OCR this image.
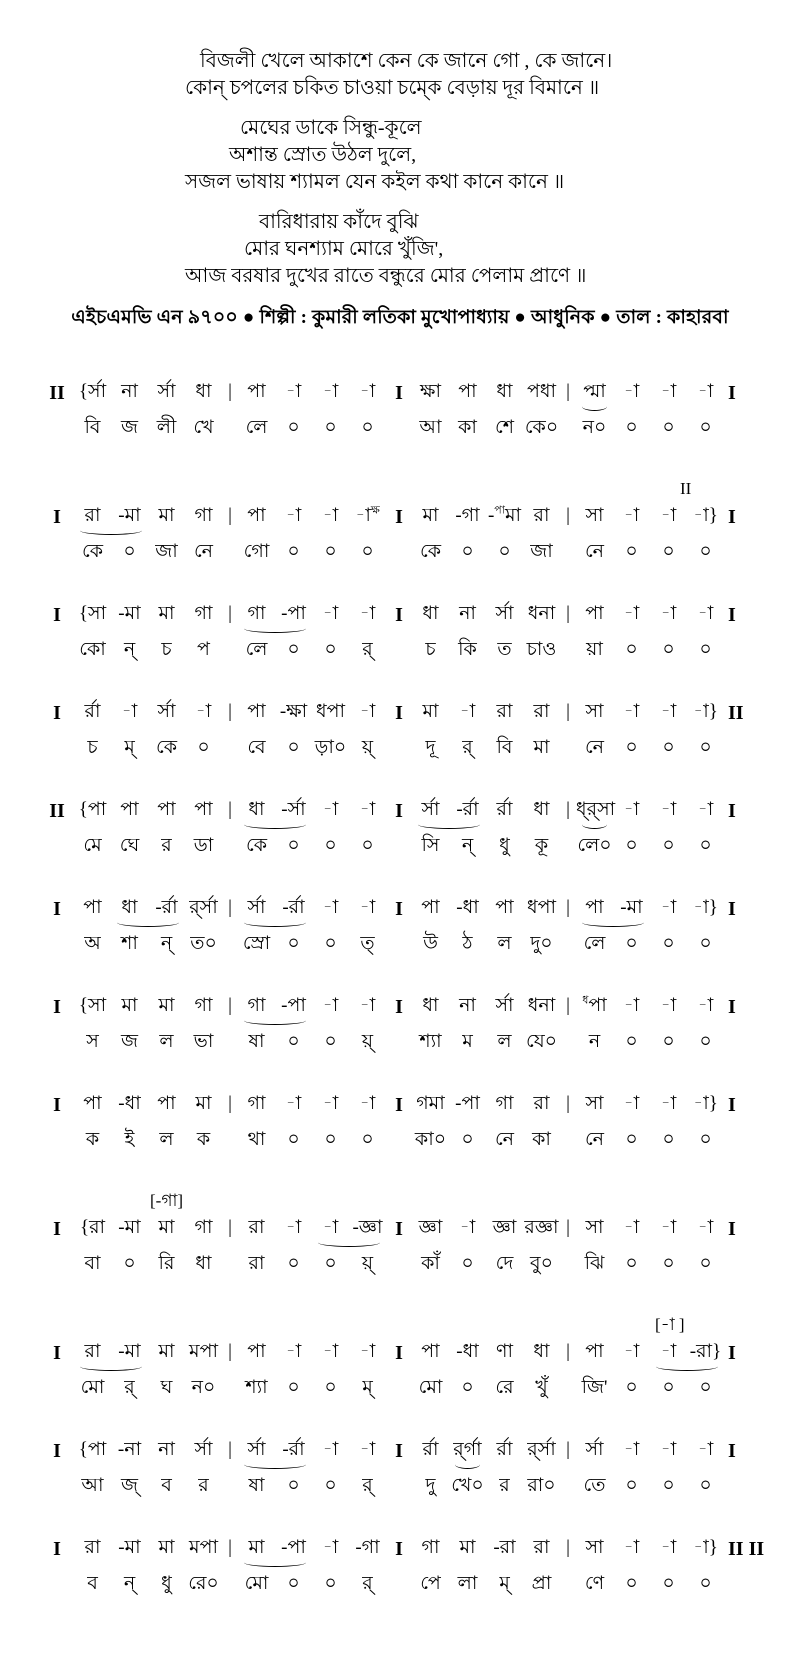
বিজলী খেলে আকাশে কেন কে জানে গো , কে জানে।
কোন্ চপলের চকিত চাওয়া চম্কে বেড়ায় দূর বিমানে ॥
মেঘের ডাকে সিন্ধু-কূলে
অশান্ত স্রোত উঠল দুলে,
সজল ভাষায় শ্যামল যেন কইল কথা কানে কানে ॥
বারিধারায় কাঁদে বুঝি
মোর ঘনশ্যাম মোরে খুঁজি',
আজ বরষার দুখের রাতে বন্ধুরে মোর পেলাম প্রাণে ॥
এইচএমভি এন ৯৭০০ ● শিল্পী : কুমারী লতিকা মুখোপাধ্যায় ● আধুনিক ● তাল : কাহারবা
II {র্সা না	র্সা	ধা | পা	-া	-া	-া I ক্ষা পা	ধা পধা | প্মা -া	-া	-া I
বি	জ লী খে	লে	০	০	০	আ কা শে কে০	ন০ ০	০	০
II
I	রা -মা মা	গা | পা	-া	-া -া$^{ক্ষ}$ I	মা -গা -$^{পা}$মা রা | সা	-া	-া -া} I
কে	০	জা নে	গো ০	০	০	কে	০	০	জা	নে	০	০	০
I {সা -মা মা	গা | গা -পা -া	-া I	ধা	না	র্সা ধনা | পা	-া	-া	-া I
কো ন্	চ	প	লে	০	০	র্	চ	কি	ত চাও	য়া	০	০	০
I	র্রা	-া	র্সা	-া | পা -ক্ষা ধপা -া I	মা	-া	রা	রা | সা	-া	-া -া} II
চ	ম্	কে	০	বে	০ ড়া০ য়্	দূ	র্	বি	মা	নে	০	০	০
II {পা পা পা পা | ধা -র্সা -া	-া I র্সা -র্রা র্রা	ধা | ধ্র্সা -া	-া	-া I
মে ঘে	র	ডা	কে	০	০	০	সি	ন্	ধু	কূ	লে০ ০	০	০
I	পা	ধা -র্রা র্র্সা | র্সা -র্রা -া	-া I পা -ধা পা ধপা | পা -মা -া -া} I
অ	শা	ন্ ত০ স্রো ০	০	ত্	উ	ঠ	ল দু০	লে	০	০	০
I {সা মা	মা	গা | গা -পা -া	-া I	ধা	না	র্সা ধনা |	$^ধ$পা -া	-া	-া I
স	জ	ল	ভা	ষা	০	০	য়্	শ্যা	ম	ল যে০	ন	০	০	০
I	পা -ধা পা	মা | গা	-া	-া	-া I গমা -পা গা	রা | সা	-া	-া -া} I
ক	ই	ল	ক	থা	০	০	০	কা০ ০	নে কা	নে	০	০	০
[-গা]
I	{রা -মা মা	গা | রা	-া	-া -জ্ঞা I জ্ঞা -া জ্ঞা রজ্ঞা | সা	-া	-া	-া I
বা	০	রি	ধা	রা	০	০	য়্	কাঁ	০	দে বু০	ঝি	০	০	০
[-া ]
I	রা -মা মা মপা | পা	-া	-া	-া I পা -ধা ণা	ধা | পা	-া	-া -রা} I
মো	র্	ঘ	ন০	শ্যা	০	০	ম্	মো ০	রে	খুঁ	জি' ০	০	০
I {পা -না না	র্সা | র্সা -র্রা -া	-া I	র্রা র্র্গা র্রা র্র্সা | র্সা	-া	-া	-া I
আ জ্	ব	র	ষা	০	০	র্	দু খে০ র রা০	তে	০	০	০
I	রা -মা মা মপা | মা -পা -া -গা I গা	মা -রা রা | সা	-া	-া -া} II II
ব	ন্	ধু রে০	মো ০	০	র্	পে লা	ম্	প্রা	ণে	০	০	০
